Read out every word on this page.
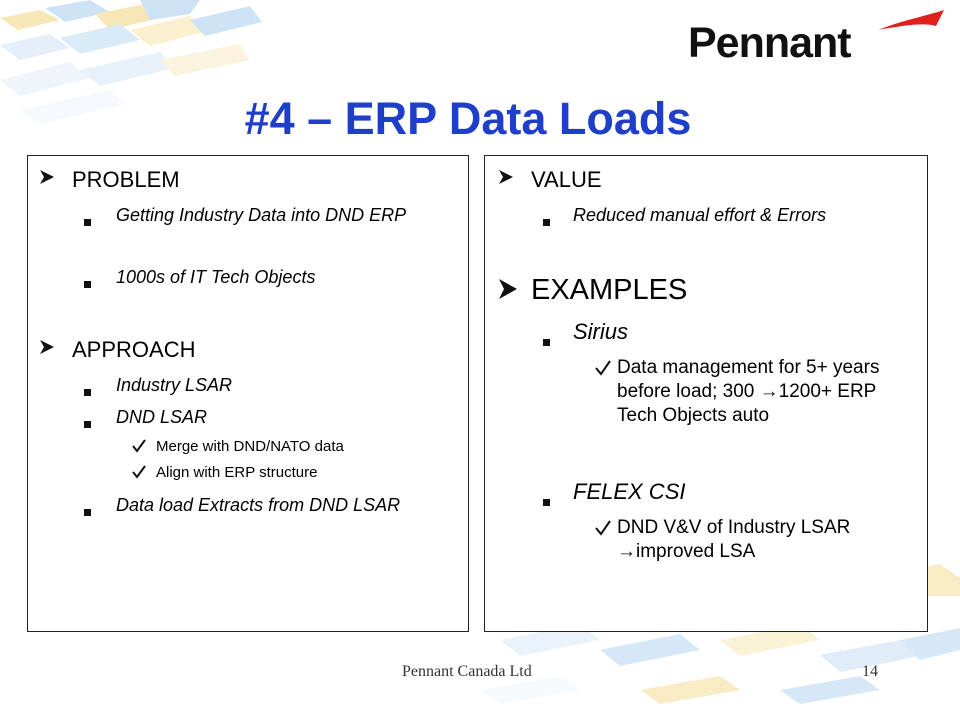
Pennant
#4 – ERP Data Loads
PROBLEM
Getting Industry Data into DND ERP
1000s of IT Tech Objects
APPROACH
Industry LSAR
DND LSAR
Merge with DND/NATO data
Align with ERP structure
Data load Extracts from DND LSAR
VALUE
Reduced manual effort & Errors
EXAMPLES
Sirius
Data management for 5+ years before load; 300 →1200+ ERP Tech Objects auto
FELEX CSI
DND V&V of Industry LSAR →improved LSA
Pennant Canada Ltd	14
